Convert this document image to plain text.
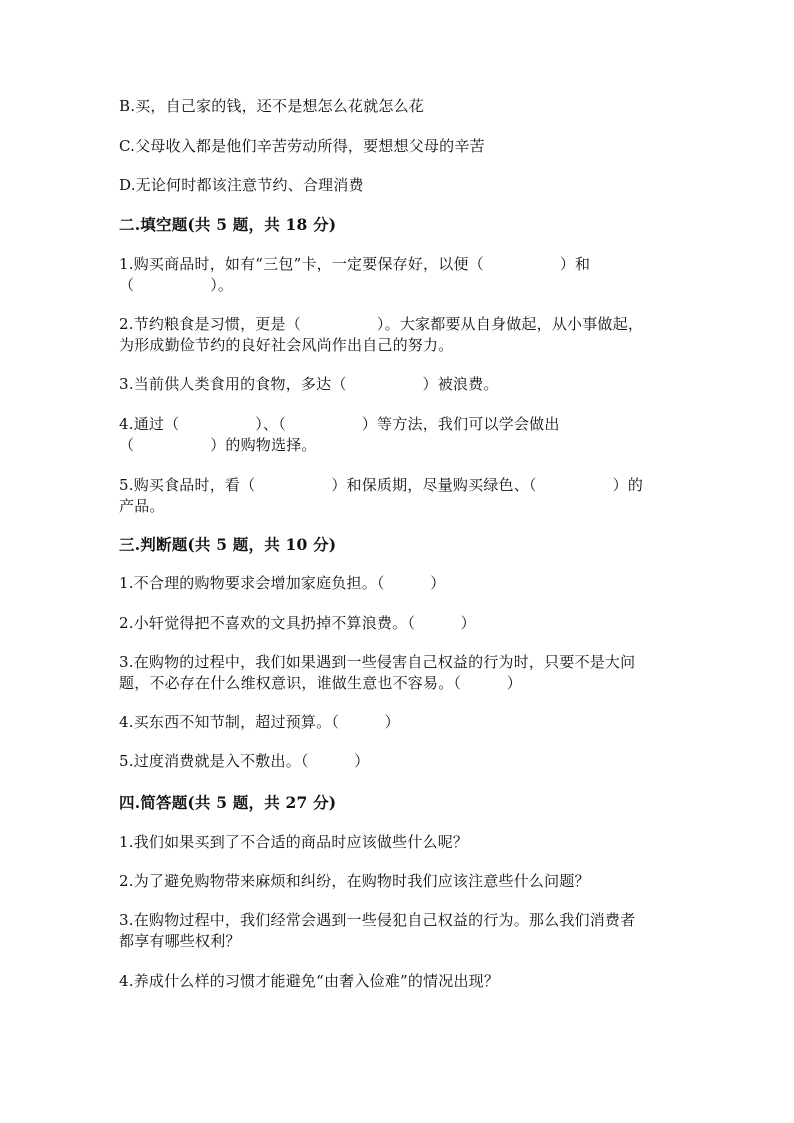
B.买，自己家的钱，还不是想怎么花就怎么花

C.父母收入都是他们辛苦劳动所得，要想想父母的辛苦

D.无论何时都该注意节约、合理消费

二.填空题(共 5 题，共 18 分)

1.购买商品时，如有“三包”卡，一定要保存好，以便（　　　　　）和

（　　　　　）。

2.节约粮食是习惯，更是（　　　　　）。大家都要从自身做起，从小事做起，

为形成勤俭节约的良好社会风尚作出自己的努力。

3.当前供人类食用的食物，多达（　　　　　）被浪费。

4.通过（　　　　　）、（　　　　　）等方法，我们可以学会做出

（　　　　　）的购物选择。

5.购买食品时，看（　　　　　）和保质期，尽量购买绿色、（　　　　　）的

产品。

三.判断题(共 5 题，共 10 分)

1.不合理的购物要求会增加家庭负担。（　　　）

2.小轩觉得把不喜欢的文具扔掉不算浪费。（　　　）

3.在购物的过程中，我们如果遇到一些侵害自己权益的行为时，只要不是大问

题，不必存在什么维权意识，谁做生意也不容易。（　　　）

4.买东西不知节制，超过预算。（　　　）

5.过度消费就是入不敷出。（　　　）

四.简答题(共 5 题，共 27 分)

1.我们如果买到了不合适的商品时应该做些什么呢？

2.为了避免购物带来麻烦和纠纷，在购物时我们应该注意些什么问题？

3.在购物过程中，我们经常会遇到一些侵犯自己权益的行为。那么我们消费者

都享有哪些权利？

4.养成什么样的习惯才能避免“由奢入俭难”的情况出现？
